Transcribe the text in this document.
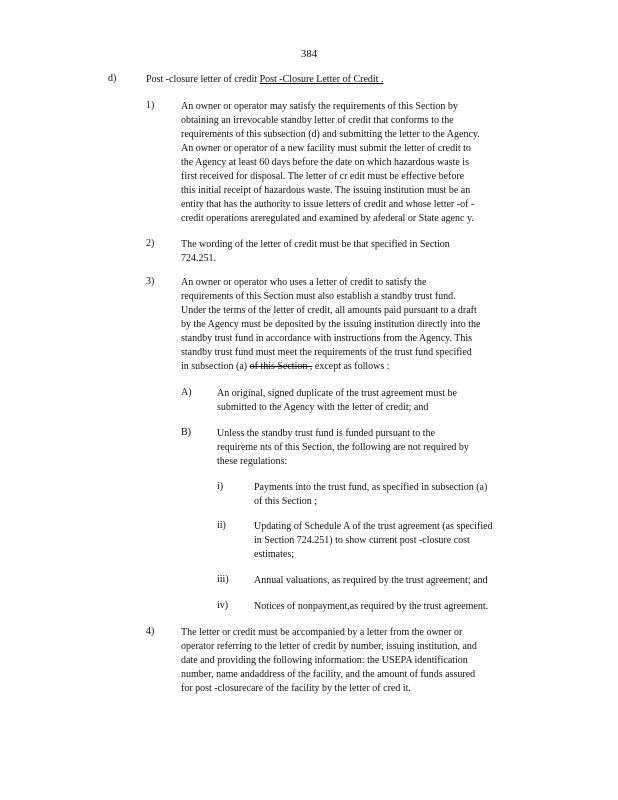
384
d)	Post -closure letter of credit Post -Closure Letter of Credit .
1)	An owner or operator may satisfy the requirements of this Section by
obtaining an irrevocable standby letter of credit that conforms to the
requirements of this subsection (d) and submitting the letter to the Agency.
An owner or operator of a new facility must submit the letter of credit to
the Agency at least 60 days before the date on which hazardous waste is
first received for disposal. The letter of cr edit must be effective before
this initial receipt of hazardous waste. The issuing institution must be an
entity that has the authority to issue letters of credit and whose letter -of -
credit operations areregulated and examined by afederal or State agenc y.
2)	The wording of the letter of credit must be that specified in Section
724.251.
3)	An owner or operator who uses a letter of credit to satisfy the
requirements of this Section must also establish a standby trust fund.
Under the terms of the letter of credit, all amounts paid pursuant to a draft
by the Agency must be deposited by the issuing institution directly into the
standby trust fund in accordance with instructions from the Agency. This
standby trust fund must meet the requirements of the trust fund specified
in subsection (a) of this Section , except as follows :
A)	An original, signed duplicate of the trust agreement must be
submitted to the Agency with the letter of credit; and
B)	Unless the standby trust fund is funded pursuant to the
requireme nts of this Section, the following are not required by
these regulations:
i)	Payments into the trust fund, as specified in subsection (a)
of this Section ;
ii)	Updating of Schedule A of the trust agreement (as specified
in Section 724.251) to show current post -closure cost
estimates;
iii)	Annual valuations, as required by the trust agreement; and
iv)	Notices of nonpayment,as required by the trust agreement.
4)	The letter or credit must be accompanied by a letter from the owner or
operator referring to the letter of credit by number, issuing institution, and
date and providing the following information: the USEPA identification
number, name andaddress of the facility, and the amount of funds assured
for post -closurecare of the facility by the letter of cred it.
